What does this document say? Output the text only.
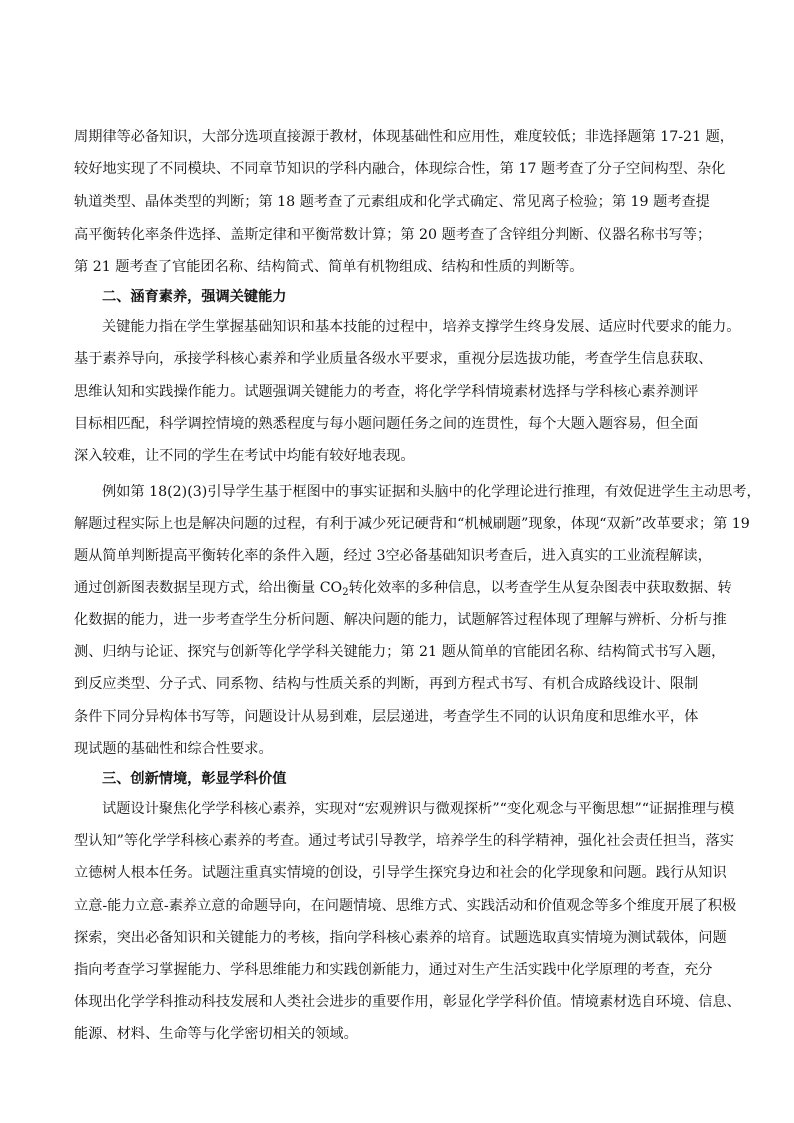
周期律等必备知识，大部分选项直接源于教材，体现基础性和应用性，难度较低；非选择题第 17-21 题，
较好地实现了不同模块、不同章节知识的学科内融合，体现综合性，第 17 题考查了分子空间构型、杂化
轨道类型、晶体类型的判断；第 18 题考查了元素组成和化学式确定、常见离子检验；第 19 题考查提
高平衡转化率条件选择、盖斯定律和平衡常数计算；第 20 题考查了含锌组分判断、仪器名称书写等；
第 21 题考查了官能团名称、结构简式、简单有机物组成、结构和性质的判断等。
二、涵育素养，强调关键能力
关键能力指在学生掌握基础知识和基本技能的过程中，培养支撑学生终身发展、适应时代要求的能力。
基于素养导向，承接学科核心素养和学业质量各级水平要求，重视分层选拔功能，考查学生信息获取、
思维认知和实践操作能力。试题强调关键能力的考查，将化学学科情境素材选择与学科核心素养测评
目标相匹配，科学调控情境的熟悉程度与每小题问题任务之间的连贯性，每个大题入题容易，但全面
深入较难，让不同的学生在考试中均能有较好地表现。
例如第 18(2)(3)引导学生基于框图中的事实证据和头脑中的化学理论进行推理，有效促进学生主动思考，
解题过程实际上也是解决问题的过程，有利于减少死记硬背和“机械刷题”现象，体现“双新”改革要求；第 19
题从简单判断提高平衡转化率的条件入题，经过 3空必备基础知识考查后，进入真实的工业流程解读，
通过创新图表数据呈现方式，给出衡量 $CO_2$转化效率的多种信息，以考查学生从复杂图表中获取数据、转
化数据的能力，进一步考查学生分析问题、解决问题的能力，试题解答过程体现了理解与辨析、分析与推
测、归纳与论证、探究与创新等化学学科关键能力；第 21 题从简单的官能团名称、结构简式书写入题，
到反应类型、分子式、同系物、结构与性质关系的判断，再到方程式书写、有机合成路线设计、限制
条件下同分异构体书写等，问题设计从易到难，层层递进，考查学生不同的认识角度和思维水平，体
现试题的基础性和综合性要求。
三、创新情境，彰显学科价值
试题设计聚焦化学学科核心素养，实现对“宏观辨识与微观探析”“变化观念与平衡思想”“证据推理与模
型认知”等化学学科核心素养的考查。通过考试引导教学，培养学生的科学精神，强化社会责任担当，落实
立德树人根本任务。试题注重真实情境的创设，引导学生探究身边和社会的化学现象和问题。践行从知识
立意-能力立意-素养立意的命题导向，在问题情境、思维方式、实践活动和价值观念等多个维度开展了积极
探索，突出必备知识和关键能力的考核，指向学科核心素养的培育。试题选取真实情境为测试载体，问题
指向考查学习掌握能力、学科思维能力和实践创新能力，通过对生产生活实践中化学原理的考查，充分
体现出化学学科推动科技发展和人类社会进步的重要作用，彰显化学学科价值。情境素材选自环境、信息、
能源、材料、生命等与化学密切相关的领域。
